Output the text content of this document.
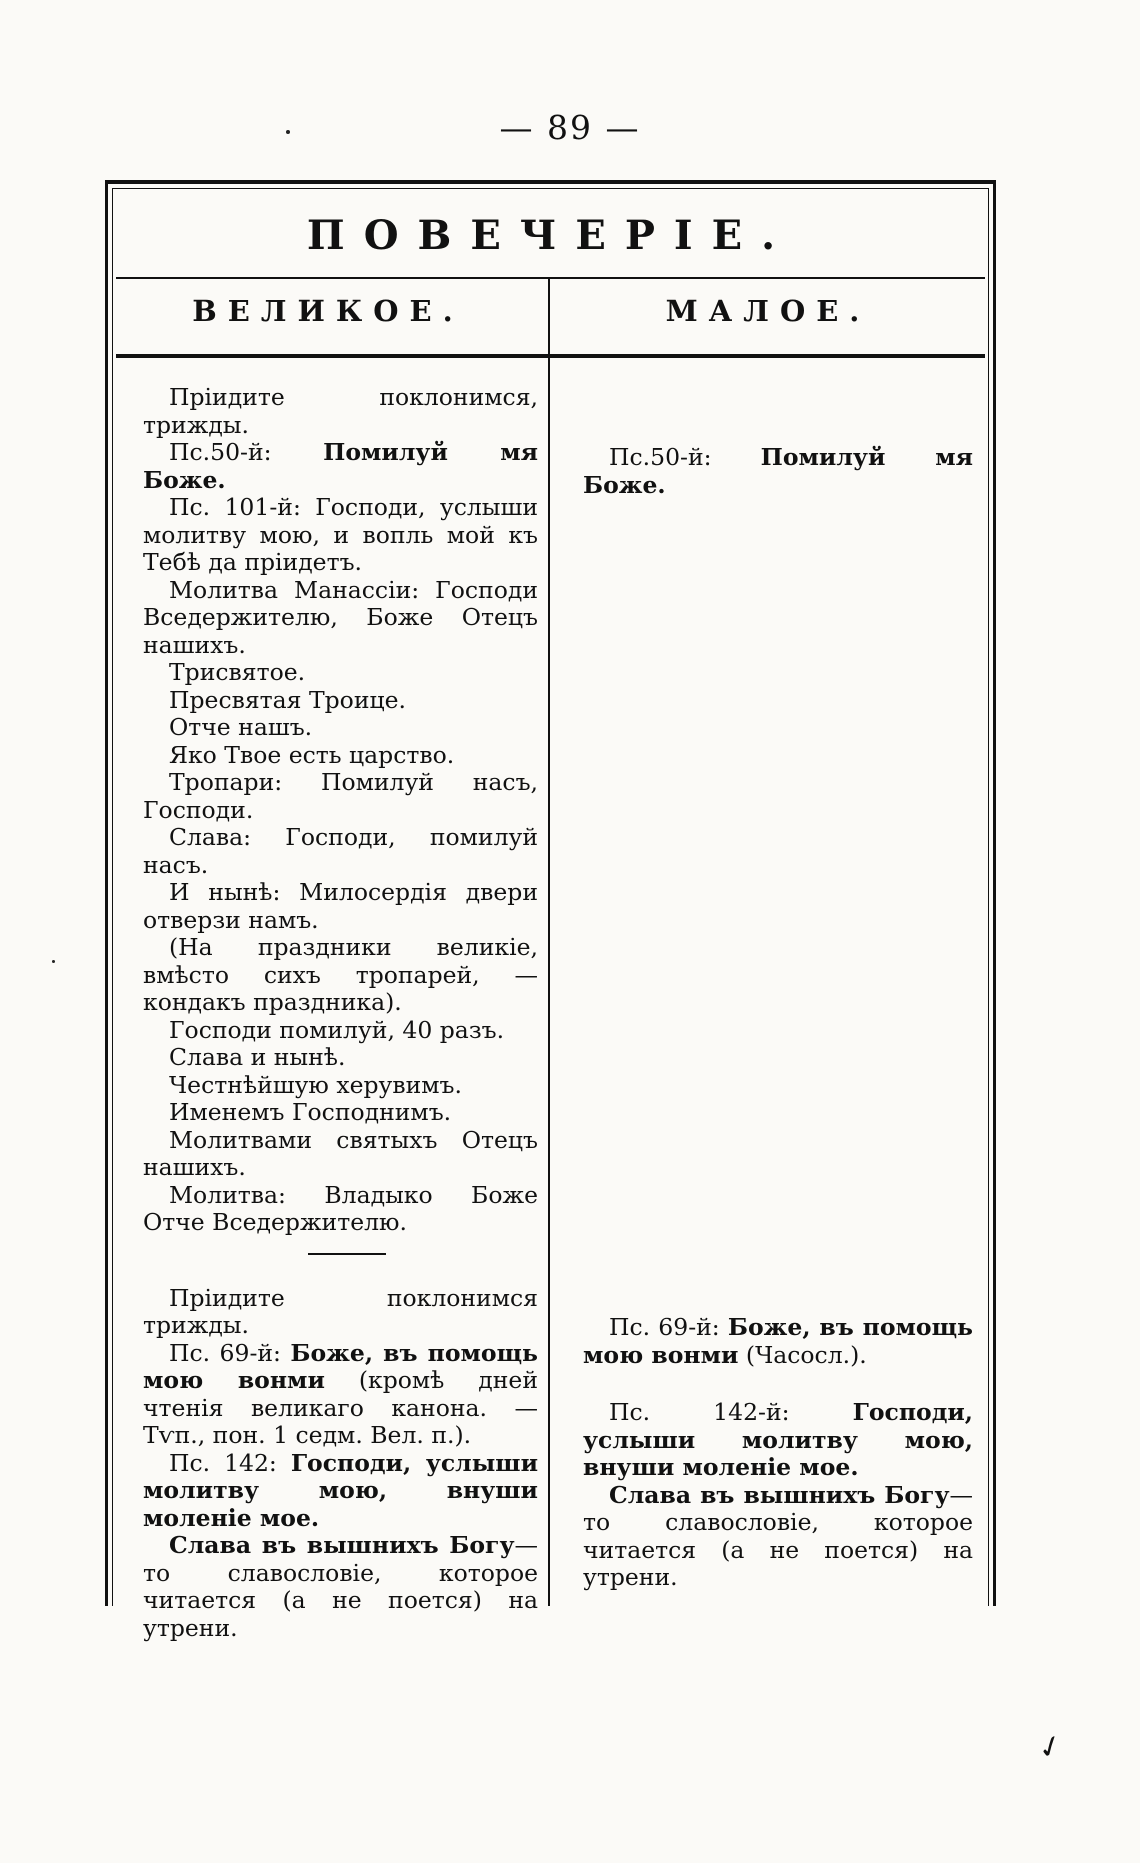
— 89 —
ПОВЕЧЕРІЕ.
ВЕЛИКОЕ.	МАЛОЕ.

Пріидите поклонимся, трижды.

Пс.50-й: Помилуй мя Боже.

Пс. 101-й: Господи, услыши молитву мою, и вопль мой къ Тебѣ да пріидетъ.

Молитва Манассіи: Господи Вседержителю, Боже Отецъ нашихъ.

Трисвятое.

Пресвятая Троице.

Отче нашъ.

Яко Твое есть царство.

Тропари: Помилуй насъ, Господи.

Слава: Господи, помилуй насъ.

И нынѣ: Милосердія двери отверзи намъ.

(На праздники великіе, вмѣсто сихъ тропарей, — кондакъ праздника).

Господи помилуй, 40 разъ.

Слава и нынѣ.

Честнѣйшую херувимъ.

Именемъ Господнимъ.

Молитвами святыхъ Отецъ нашихъ.

Молитва: Владыко Боже Отче Вседержителю.

Пріидите поклонимся трижды.

Пс. 69-й: Боже, въ помощь мою вонми (кромѣ дней чтенія великаго канона. — Тѵп., пон. 1 седм. Вел. п.).

Пс. 142: Господи, услыши молитву мою, внуши моленіе мое.

Слава въ вышнихъ Богу— то славословіе, которое читается (а не поется) на утрени.

Пс.50-й: Помилуй мя Боже.

Пс. 69-й: Боже, въ помощь мою вонми (Часосл.).

Пс. 142-й:	Господи, услыши молитву мою, внуши моленіе мое.

Слава въ вышнихъ Богу— то славословіе, которое читается (а не поется) на утрени.

✓
